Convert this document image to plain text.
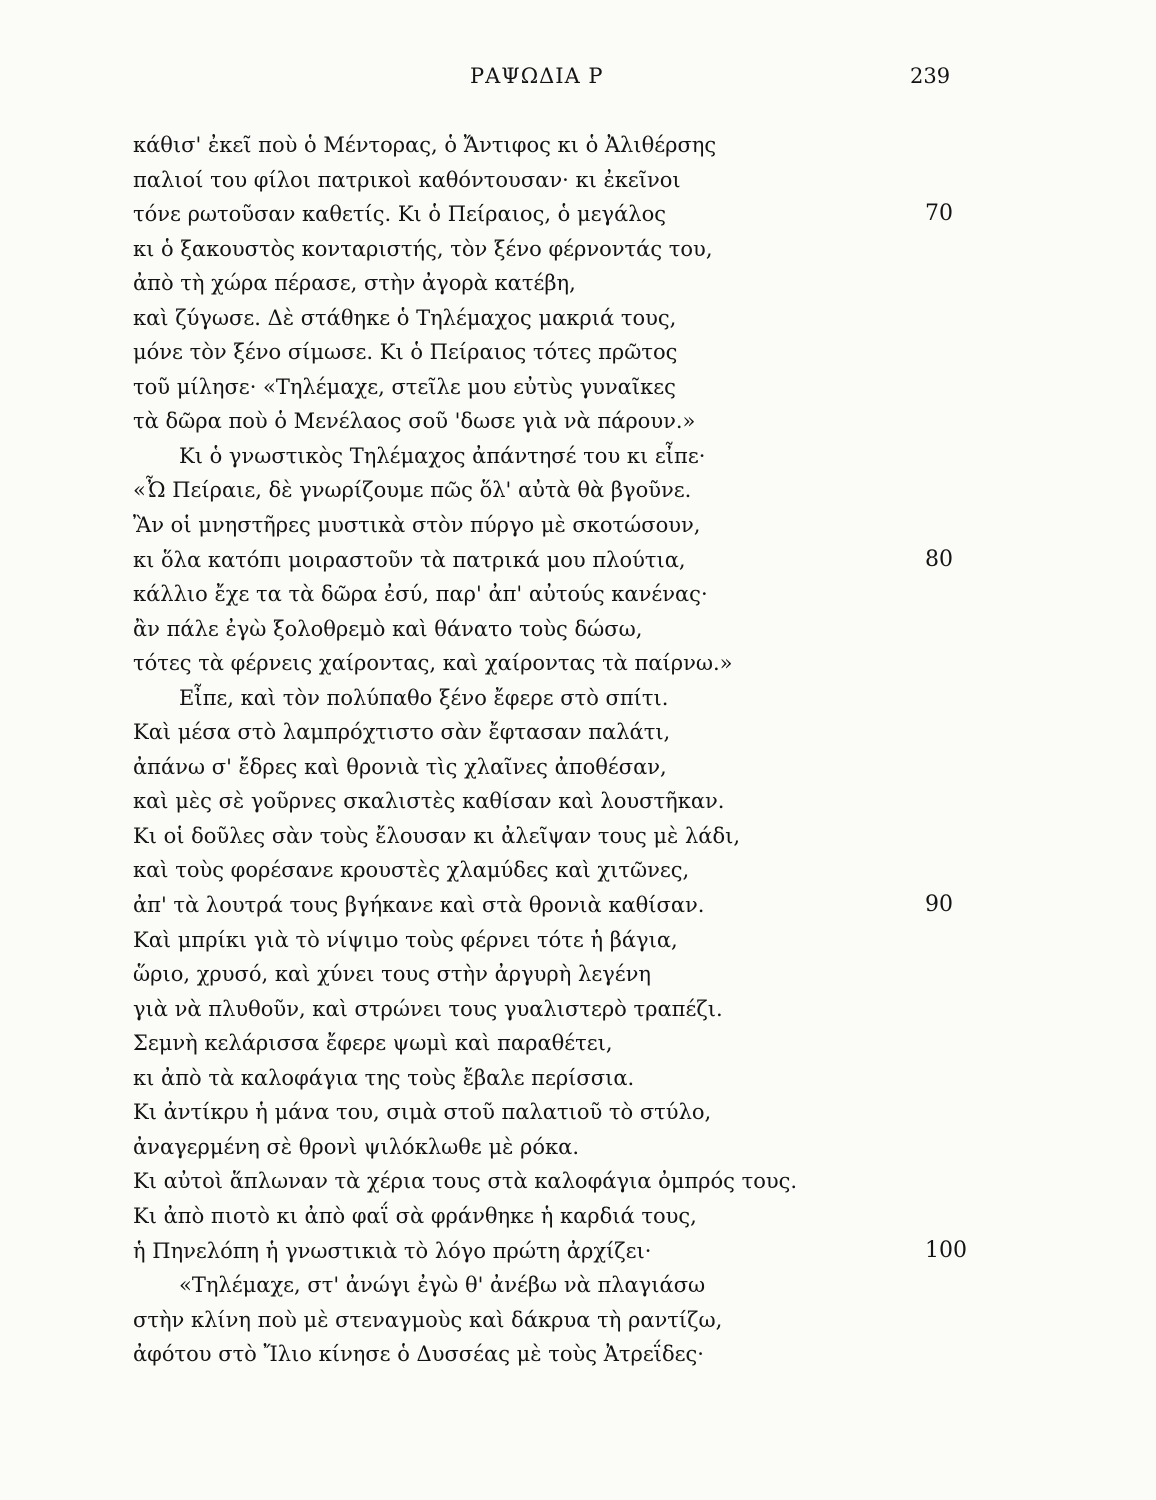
ΡΑΨΩΔΙΑ Ρ	239
κάθισ' ἐκεῖ ποὺ ὁ Μέντορας, ὁ Ἄντιφος κι ὁ Ἀλιθέρσης
παλιοί του φίλοι πατρικοὶ καθόντουσαν· κι ἐκεῖνοι
τόνε ρωτοῦσαν καθετίς. Κι ὁ Πείραιος, ὁ μεγάλος	70
κι ὁ ξακουστὸς κονταριστής, τὸν ξένο φέρνοντάς του,
ἀπὸ τὴ χώρα πέρασε, στὴν ἀγορὰ κατέβη,
καὶ ζύγωσε. Δὲ στάθηκε ὁ Τηλέμαχος μακριά τους,
μόνε τὸν ξένο σίμωσε. Κι ὁ Πείραιος τότες πρῶτος
τοῦ μίλησε· «Τηλέμαχε, στεῖλε μου εὐτὺς γυναῖκες
τὰ δῶρα ποὺ ὁ Μενέλαος σοῦ 'δωσε γιὰ νὰ πάρουν.»
Κι ὁ γνωστικὸς Τηλέμαχος ἀπάντησέ του κι εἶπε·
«Ὦ Πείραιε, δὲ γνωρίζουμε πῶς ὅλ' αὐτὰ θὰ βγοῦνε.
Ἂν οἱ μνηστῆρες μυστικὰ στὸν πύργο μὲ σκοτώσουν,
κι ὅλα κατόπι μοιραστοῦν τὰ πατρικά μου πλούτια,	80
κάλλιο ἔχε τα τὰ δῶρα ἐσύ, παρ' ἀπ' αὐτούς κανένας·
ἂν πάλε ἐγὼ ξολοθρεμὸ καὶ θάνατο τοὺς δώσω,
τότες τὰ φέρνεις χαίροντας, καὶ χαίροντας τὰ παίρνω.»
Εἶπε, καὶ τὸν πολύπαθο ξένο ἔφερε στὸ σπίτι.
Καὶ μέσα στὸ λαμπρόχτιστο σὰν ἔφτασαν παλάτι,
ἀπάνω σ' ἔδρες καὶ θρονιὰ τὶς χλαῖνες ἀποθέσαν,
καὶ μὲς σὲ γοῦρνες σκαλιστὲς καθίσαν καὶ λουστῆκαν.
Κι οἱ δοῦλες σὰν τοὺς ἔλουσαν κι ἀλεῖψαν τους μὲ λάδι,
καὶ τοὺς φορέσανε κρουστὲς χλαμύδες καὶ χιτῶνες,
ἀπ' τὰ λουτρά τους βγήκανε καὶ στὰ θρονιὰ καθίσαν.	90
Καὶ μπρίκι γιὰ τὸ νίψιμο τοὺς φέρνει τότε ἡ βάγια,
ὥριο, χρυσό, καὶ χύνει τους στὴν ἀργυρὴ λεγένη
γιὰ νὰ πλυθοῦν, καὶ στρώνει τους γυαλιστερὸ τραπέζι.
Σεμνὴ κελάρισσα ἔφερε ψωμὶ καὶ παραθέτει,
κι ἀπὸ τὰ καλοφάγια της τοὺς ἔβαλε περίσσια.
Κι ἀντίκρυ ἡ μάνα του, σιμὰ στοῦ παλατιοῦ τὸ στύλο,
ἀναγερμένη σὲ θρονὶ ψιλόκλωθε μὲ ρόκα.
Κι αὐτοὶ ἅπλωναν τὰ χέρια τους στὰ καλοφάγια ὀμπρός τους.
Κι ἀπὸ πιοτὸ κι ἀπὸ φαΐ σὰ φράνθηκε ἡ καρδιά τους,
ἡ Πηνελόπη ἡ γνωστικιὰ τὸ λόγο πρώτη ἀρχίζει·	100
«Τηλέμαχε, στ' ἀνώγι ἐγὼ θ' ἀνέβω νὰ πλαγιάσω
στὴν κλίνη ποὺ μὲ στεναγμοὺς καὶ δάκρυα τὴ ραντίζω,
ἀφότου στὸ Ἴλιο κίνησε ὁ Δυσσέας μὲ τοὺς Ἀτρεΐδες·
